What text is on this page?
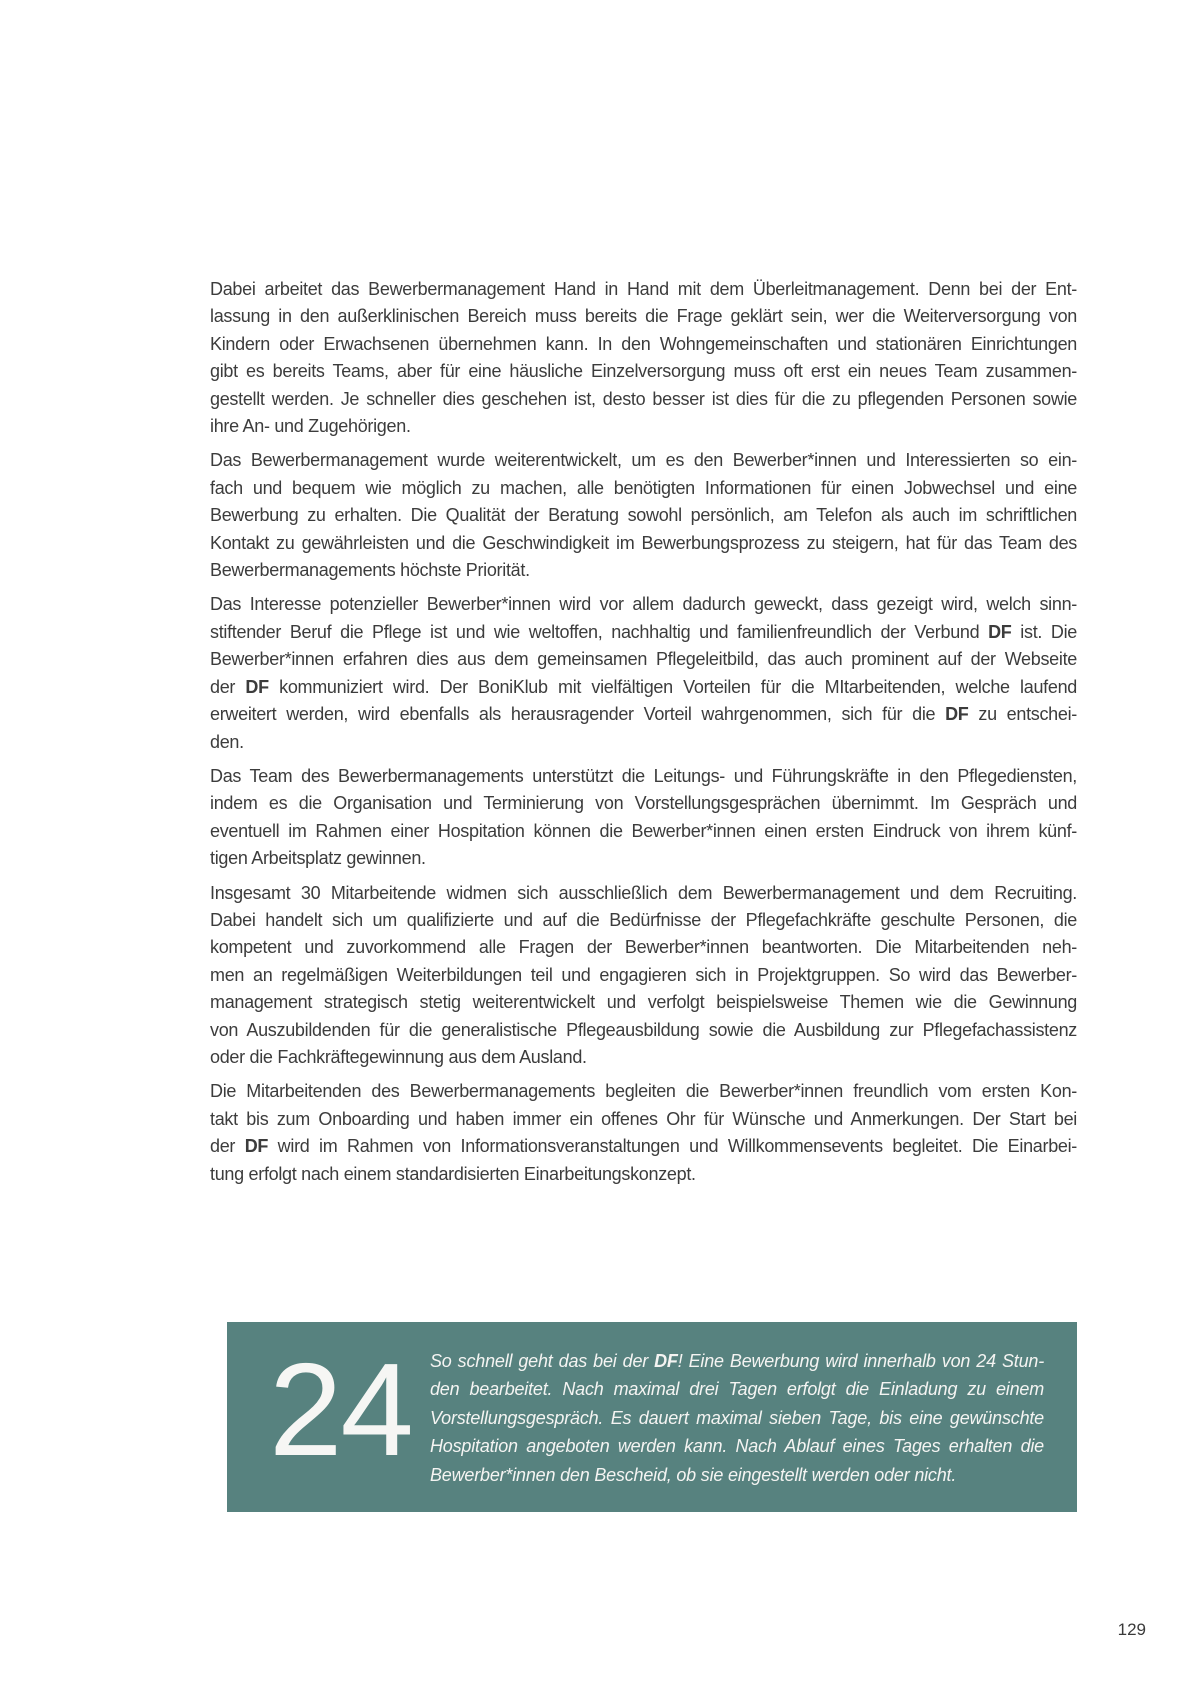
Dabei arbeitet das Bewerbermanagement Hand in Hand mit dem Überleitmanagement. Denn bei der Ent-
lassung in den außerklinischen Bereich muss bereits die Frage geklärt sein, wer die Weiterversorgung von
Kindern oder Erwachsenen übernehmen kann. In den Wohngemeinschaften und stationären Einrichtungen
gibt es bereits Teams, aber für eine häusliche Einzelversorgung muss oft erst ein neues Team zusammen-
gestellt werden. Je schneller dies geschehen ist, desto besser ist dies für die zu pflegenden Personen sowie
ihre An- und Zugehörigen.
Das Bewerbermanagement wurde weiterentwickelt, um es den Bewerber*innen und Interessierten so ein-
fach und bequem wie möglich zu machen, alle benötigten Informationen für einen Jobwechsel und eine
Bewerbung zu erhalten. Die Qualität der Beratung sowohl persönlich, am Telefon als auch im schriftlichen
Kontakt zu gewährleisten und die Geschwindigkeit im Bewerbungsprozess zu steigern, hat für das Team des
Bewerbermanagements höchste Priorität.
Das Interesse potenzieller Bewerber*innen wird vor allem dadurch geweckt, dass gezeigt wird, welch sinn-
stiftender Beruf die Pflege ist und wie weltoffen, nachhaltig und familienfreundlich der Verbund DF ist. Die
Bewerber*innen erfahren dies aus dem gemeinsamen Pflegeleitbild, das auch prominent auf der Webseite
der DF kommuniziert wird. Der BoniKlub mit vielfältigen Vorteilen für die MItarbeitenden, welche laufend
erweitert werden, wird ebenfalls als herausragender Vorteil wahrgenommen, sich für die DF zu entschei-
den.
Das Team des Bewerbermanagements unterstützt die Leitungs- und Führungskräfte in den Pflegediensten,
indem es die Organisation und Terminierung von Vorstellungsgesprächen übernimmt. Im Gespräch und
eventuell im Rahmen einer Hospitation können die Bewerber*innen einen ersten Eindruck von ihrem künf-
tigen Arbeitsplatz gewinnen.
Insgesamt 30 Mitarbeitende widmen sich ausschließlich dem Bewerbermanagement und dem Recruiting.
Dabei handelt sich um qualifizierte und auf die Bedürfnisse der Pflegefachkräfte geschulte Personen, die
kompetent und zuvorkommend alle Fragen der Bewerber*innen beantworten. Die Mitarbeitenden neh-
men an regelmäßigen Weiterbildungen teil und engagieren sich in Projektgruppen. So wird das Bewerber-
management strategisch stetig weiterentwickelt und verfolgt beispielsweise Themen wie die Gewinnung
von Auszubildenden für die generalistische Pflegeausbildung sowie die Ausbildung zur Pflegefachassistenz
oder die Fachkräftegewinnung aus dem Ausland.
Die Mitarbeitenden des Bewerbermanagements begleiten die Bewerber*innen freundlich vom ersten Kon-
takt bis zum Onboarding und haben immer ein offenes Ohr für Wünsche und Anmerkungen. Der Start bei
der DF wird im Rahmen von Informationsveranstaltungen und Willkommensevents begleitet. Die Einarbei-
tung erfolgt nach einem standardisierten Einarbeitungskonzept.
24 So schnell geht das bei der DF! Eine Bewerbung wird innerhalb von 24 Stun-
den bearbeitet. Nach maximal drei Tagen erfolgt die Einladung zu einem
Vorstellungsgespräch. Es dauert maximal sieben Tage, bis eine gewünschte
Hospitation angeboten werden kann. Nach Ablauf eines Tages erhalten die
Bewerber*innen den Bescheid, ob sie eingestellt werden oder nicht.
129
